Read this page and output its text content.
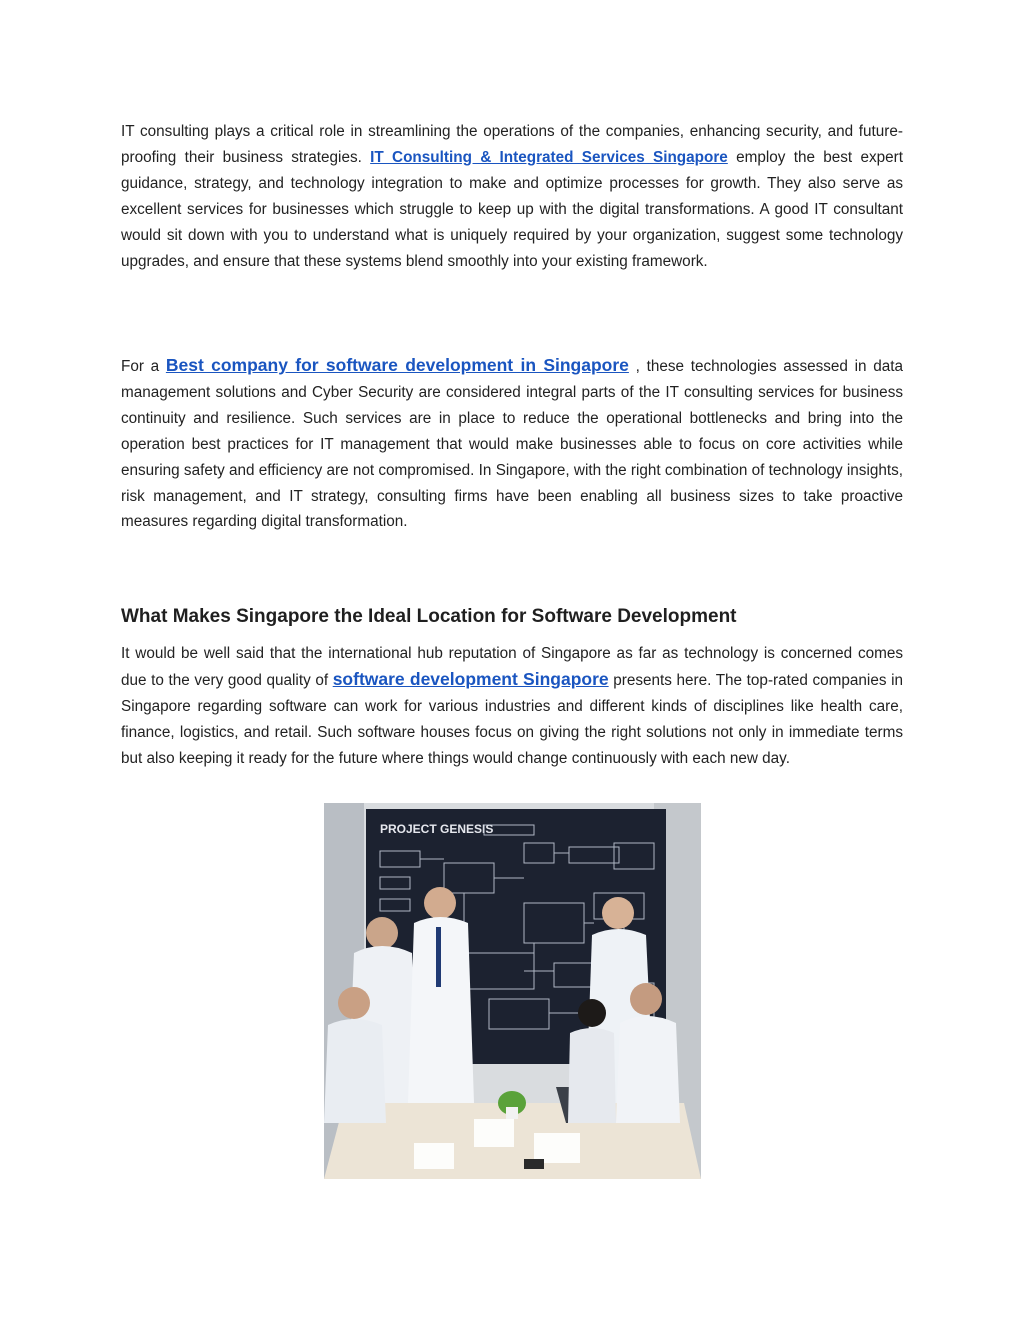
IT consulting plays a critical role in streamlining the operations of the companies, enhancing security, and future-proofing their business strategies. IT Consulting & Integrated Services Singapore employ the best expert guidance, strategy, and technology integration to make and optimize processes for growth. They also serve as excellent services for businesses which struggle to keep up with the digital transformations. A good IT consultant would sit down with you to understand what is uniquely required by your organization, suggest some technology upgrades, and ensure that these systems blend smoothly into your existing framework.

For a Best company for software development in Singapore , these technologies assessed in data management solutions and Cyber Security are considered integral parts of the IT consulting services for business continuity and resilience. Such services are in place to reduce the operational bottlenecks and bring into the operation best practices for IT management that would make businesses able to focus on core activities while ensuring safety and efficiency are not compromised. In Singapore, with the right combination of technology insights, risk management, and IT strategy, consulting firms have been enabling all business sizes to take proactive measures regarding digital transformation.

What Makes Singapore the Ideal Location for Software Development

It would be well said that the international hub reputation of Singapore as far as technology is concerned comes due to the very good quality of software development Singapore presents here. The top-rated companies in Singapore regarding software can work for various industries and different kinds of disciplines like health care, finance, logistics, and retail. Such software houses focus on giving the right solutions not only in immediate terms but also keeping it ready for the future where things would change continuously with each new day.

PROJECT GENESIS
